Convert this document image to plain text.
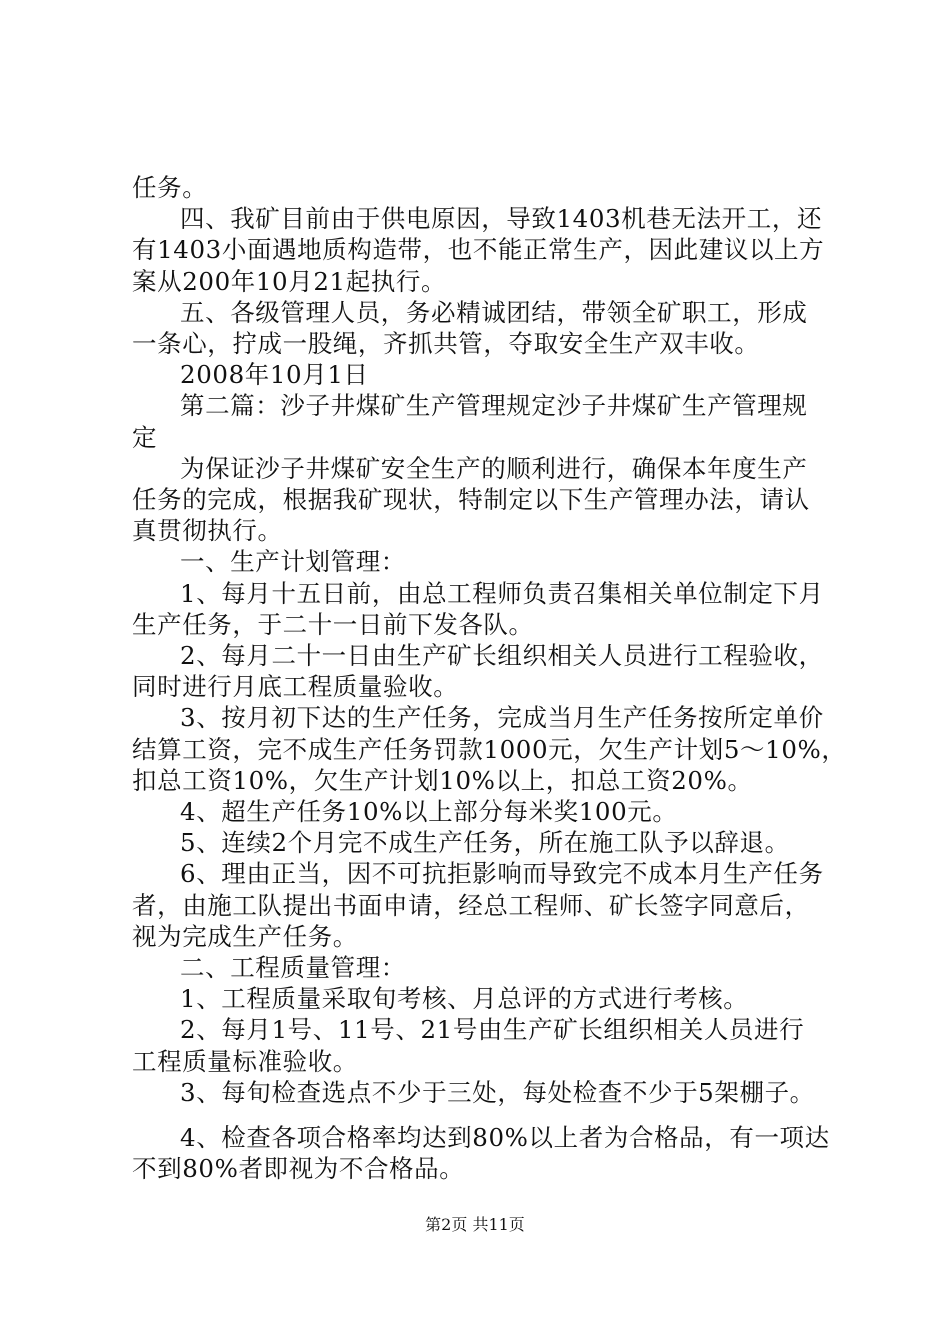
任务。
四、我矿目前由于供电原因，导致1403机巷无法开工，还
有1403小面遇地质构造带，也不能正常生产，因此建议以上方
案从200年10月21起执行。
五、各级管理人员，务必精诚团结，带领全矿职工，形成
一条心，拧成一股绳，齐抓共管，夺取安全生产双丰收。
2008年10月1日
第二篇：沙子井煤矿生产管理规定沙子井煤矿生产管理规
定
为保证沙子井煤矿安全生产的顺利进行，确保本年度生产
任务的完成，根据我矿现状，特制定以下生产管理办法，请认
真贯彻执行。
一、生产计划管理：
1、每月十五日前，由总工程师负责召集相关单位制定下月
生产任务，于二十一日前下发各队。
2、每月二十一日由生产矿长组织相关人员进行工程验收，
同时进行月底工程质量验收。
3、按月初下达的生产任务，完成当月生产任务按所定单价
结算工资，完不成生产任务罚款1000元，欠生产计划5～10%，
扣总工资10%，欠生产计划10%以上，扣总工资20%。
4、超生产任务10%以上部分每米奖100元。
5、连续2个月完不成生产任务，所在施工队予以辞退。
6、理由正当，因不可抗拒影响而导致完不成本月生产任务
者，由施工队提出书面申请，经总工程师、矿长签字同意后，
视为完成生产任务。
二、工程质量管理：
1、工程质量采取旬考核、月总评的方式进行考核。
2、每月1号、11号、21号由生产矿长组织相关人员进行
工程质量标准验收。
3、每旬检查选点不少于三处，每处检查不少于5架棚子。
4、检查各项合格率均达到80%以上者为合格品，有一项达
不到80%者即视为不合格品。
第2页 共11页
